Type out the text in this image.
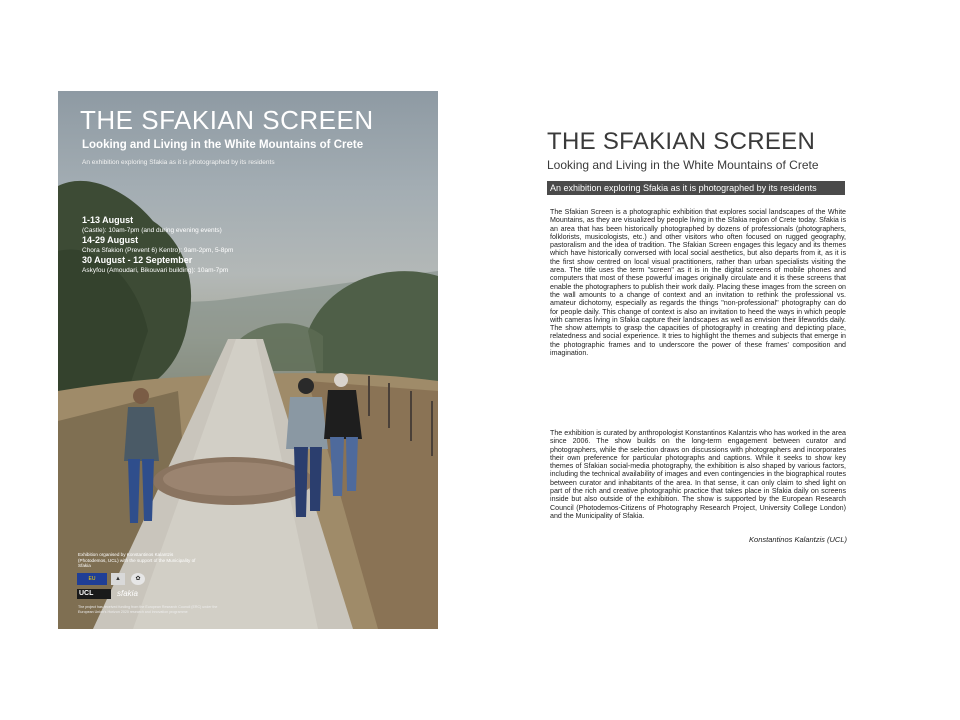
THE SFAKIAN SCREEN

Looking and Living in the White Mountains of Crete

An exhibition exploring Sfakia as it is photographed by its residents

1-13 August
(Castle): 10am-7pm (and during evening events)
14-29 August
Chora Sfakion (Prevent 6) Kentro): 9am-2pm, 5-8pm
30 August - 12 September
Askyfou (Amoudari, Bikouvari building): 10am-7pm
Exhibition organised by Konstantinos Kalantzis (Photodemos, UCL) with the support of the Municipality of Sfakia
EU	▲	✿
UCL	sfakia
The project has received funding from the European Research Council (ERC) under the European Union's Horizon 2020 research and innovation programme
THE SFAKIAN SCREEN

Looking and Living in the White Mountains of Crete

An exhibition exploring Sfakia as it is photographed by its residents

The Sfakian Screen is a photographic exhibition that explores social landscapes of the White Mountains, as they are visualized by people living in the Sfakia region of Crete today. Sfakia is an area that has been historically photographed by dozens of professionals (photographers, folklorists, musicologists, etc.) and other visitors who often focused on rugged geography, pastoralism and the idea of tradition. The Sfakian Screen engages this legacy and its themes which have historically conversed with local social aesthetics, but also departs from it, as it is the first show centred on local visual practitioners, rather than urban specialists visiting the area. The title uses the term "screen" as it is in the digital screens of mobile phones and computers that most of these powerful images originally circulate and it is these screens that enable the photographers to publish their work daily. Placing these images from the screen on the wall amounts to a change of context and an invitation to rethink the professional vs. amateur dichotomy, especially as regards the things "non-professional" photography can do for people daily. This change of context is also an invitation to heed the ways in which people with cameras living in Sfakia capture their landscapes as well as envision their lifeworlds daily. The show attempts to grasp the capacities of photography in creating and depicting place, relatedness and social experience. It tries to highlight the themes and subjects that emerge in the photographic frames and to underscore the power of these frames' composition and imagination.

The exhibition is curated by anthropologist Konstantinos Kalantzis who has worked in the area since 2006. The show builds on the long-term engagement between curator and photographers, while the selection draws on discussions with photographers and incorporates their own preference for particular photographs and captions. While it seeks to show key themes of Sfakian social-media photography, the exhibition is also shaped by various factors, including the technical availability of images and even contingencies in the biographical routes between curator and inhabitants of the area. In that sense, it can only claim to shed light on part of the rich and creative photographic practice that takes place in Sfakia daily on screens inside but also outside of the exhibition. The show is supported by the European Research Council (Photodemos-Citizens of Photography Research Project, University College London) and the Municipality of Sfakia.

Konstantinos Kalantzis (UCL)
